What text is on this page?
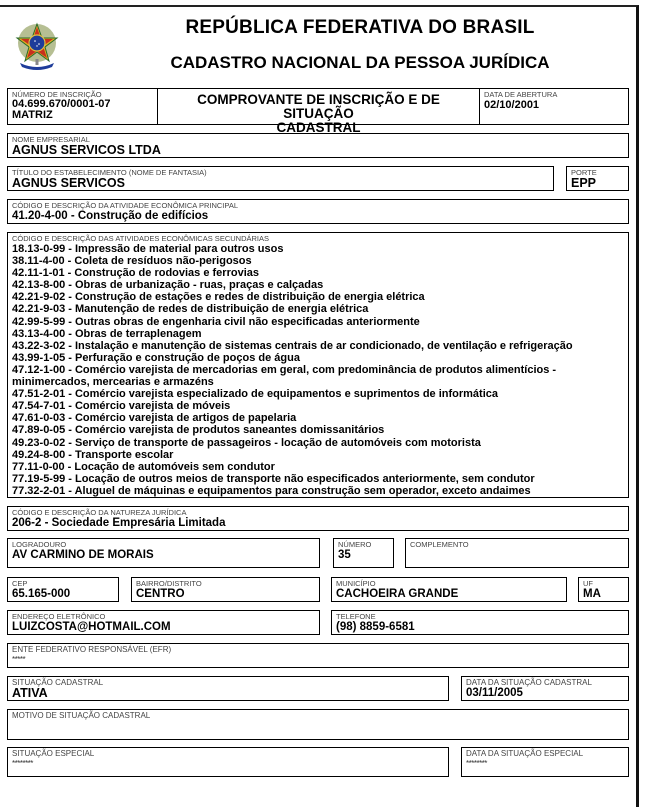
REPÚBLICA FEDERATIVA DO BRASIL
CADASTRO NACIONAL DA PESSOA JURÍDICA
NÚMERO DE INSCRIÇÃO
04.699.670/0001-07
MATRIZ
COMPROVANTE DE INSCRIÇÃO E DE SITUAÇÃO
CADASTRAL
DATA DE ABERTURA
02/10/2001
NOME EMPRESARIAL
AGNUS SERVICOS LTDA
TÍTULO DO ESTABELECIMENTO (NOME DE FANTASIA)
AGNUS SERVICOS
PORTE
EPP
CÓDIGO E DESCRIÇÃO DA ATIVIDADE ECONÔMICA PRINCIPAL
41.20-4-00 - Construção de edifícios
CÓDIGO E DESCRIÇÃO DAS ATIVIDADES ECONÔMICAS SECUNDÁRIAS
18.13-0-99 - Impressão de material para outros usos
38.11-4-00 - Coleta de resíduos não-perigosos
42.11-1-01 - Construção de rodovias e ferrovias
42.13-8-00 - Obras de urbanização - ruas, praças e calçadas
42.21-9-02 - Construção de estações e redes de distribuição de energia elétrica
42.21-9-03 - Manutenção de redes de distribuição de energia elétrica
42.99-5-99 - Outras obras de engenharia civil não especificadas anteriormente
43.13-4-00 - Obras de terraplenagem
43.22-3-02 - Instalação e manutenção de sistemas centrais de ar condicionado, de ventilação e refrigeração
43.99-1-05 - Perfuração e construção de poços de água
47.12-1-00 - Comércio varejista de mercadorias em geral, com predominância de produtos alimentícios - minimercados, mercearias e armazéns
47.51-2-01 - Comércio varejista especializado de equipamentos e suprimentos de informática
47.54-7-01 - Comércio varejista de móveis
47.61-0-03 - Comércio varejista de artigos de papelaria
47.89-0-05 - Comércio varejista de produtos saneantes domissanitários
49.23-0-02 - Serviço de transporte de passageiros - locação de automóveis com motorista
49.24-8-00 - Transporte escolar
77.11-0-00 - Locação de automóveis sem condutor
77.19-5-99 - Locação de outros meios de transporte não especificados anteriormente, sem condutor
77.32-2-01 - Aluguel de máquinas e equipamentos para construção sem operador, exceto andaimes
CÓDIGO E DESCRIÇÃO DA NATUREZA JURÍDICA
206-2 - Sociedade Empresária Limitada
LOGRADOURO
AV CARMINO DE MORAIS
NÚMERO
35
COMPLEMENTO
CEP
65.165-000
BAIRRO/DISTRITO
CENTRO
MUNICÍPIO
CACHOEIRA GRANDE
UF
MA
ENDEREÇO ELETRÔNICO
LUIZCOSTA@HOTMAIL.COM
TELEFONE
(98) 8859-6581
ENTE FEDERATIVO RESPONSÁVEL (EFR)
*****
SITUAÇÃO CADASTRAL
ATIVA
DATA DA SITUAÇÃO CADASTRAL
03/11/2005
MOTIVO DE SITUAÇÃO CADASTRAL
SITUAÇÃO ESPECIAL
********
DATA DA SITUAÇÃO ESPECIAL
********
